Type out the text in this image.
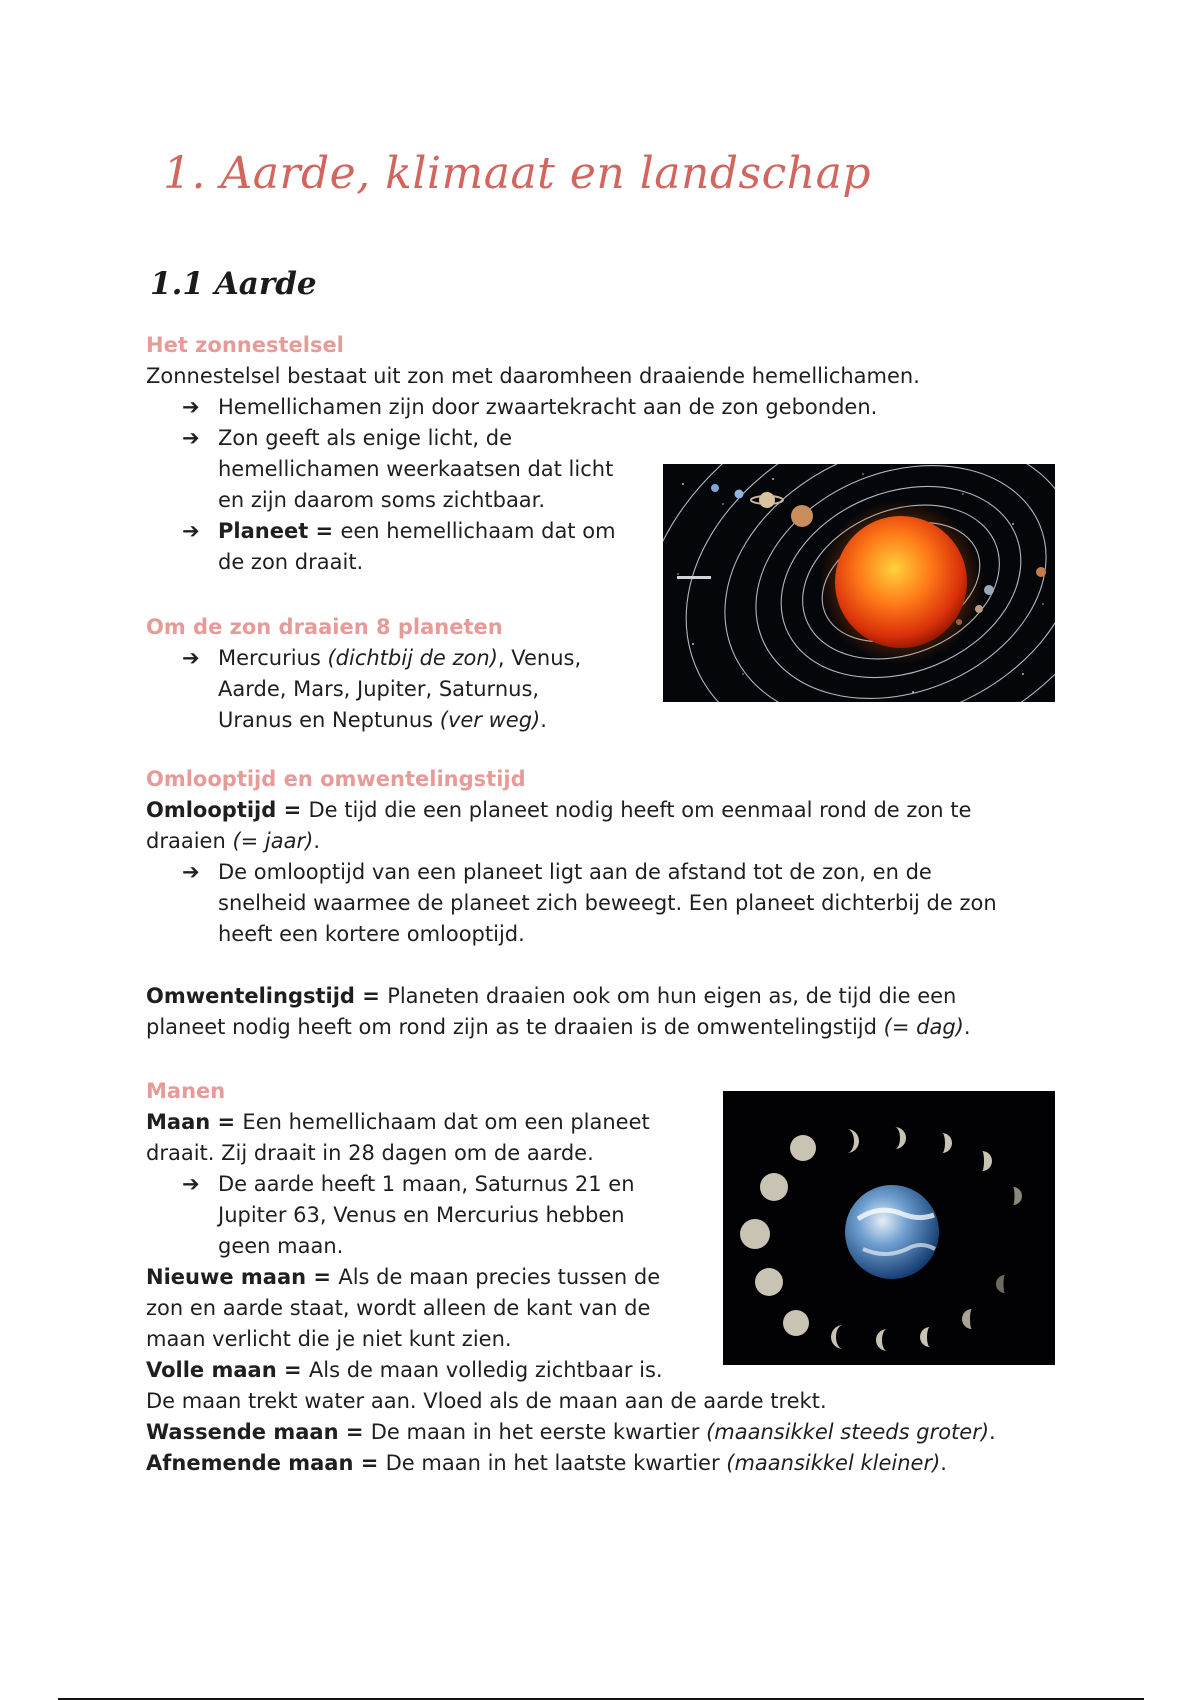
1. Aarde, klimaat en landschap
1.1 Aarde
Het zonnestelsel

Zonnestelsel bestaat uit zon met daaromheen draaiende hemellichamen.

➔ Hemellichamen zijn door zwaartekracht aan de zon gebonden.
➔ Zon geeft als enige licht, de
hemellichamen weerkaatsen dat licht
en zijn daarom soms zichtbaar.
➔ Planeet = een hemellichaam dat om
de zon draait.
Om de zon draaien 8 planeten
➔ Mercurius (dichtbij de zon), Venus,
Aarde, Mars, Jupiter, Saturnus,
Uranus en Neptunus (ver weg).
Omlooptijd en omwentelingstijd

Omlooptijd = De tijd die een planeet nodig heeft om eenmaal rond de zon te

draaien (= jaar).

➔ De omlooptijd van een planeet ligt aan de afstand tot de zon, en de
snelheid waarmee de planeet zich beweegt. Een planeet dichterbij de zon
heeft een kortere omlooptijd.

Omwentelingstijd = Planeten draaien ook om hun eigen as, de tijd die een

planeet nodig heeft om rond zijn as te draaien is de omwentelingstijd (= dag).

Manen

Maan = Een hemellichaam dat om een planeet

draait. Zij draait in 28 dagen om de aarde.

➔ De aarde heeft 1 maan, Saturnus 21 en
Jupiter 63, Venus en Mercurius hebben
geen maan.

Nieuwe maan = Als de maan precies tussen de

zon en aarde staat, wordt alleen de kant van de

maan verlicht die je niet kunt zien.

Volle maan = Als de maan volledig zichtbaar is.

De maan trekt water aan. Vloed als de maan aan de aarde trekt.

Wassende maan = De maan in het eerste kwartier (maansikkel steeds groter).

Afnemende maan = De maan in het laatste kwartier (maansikkel kleiner).
